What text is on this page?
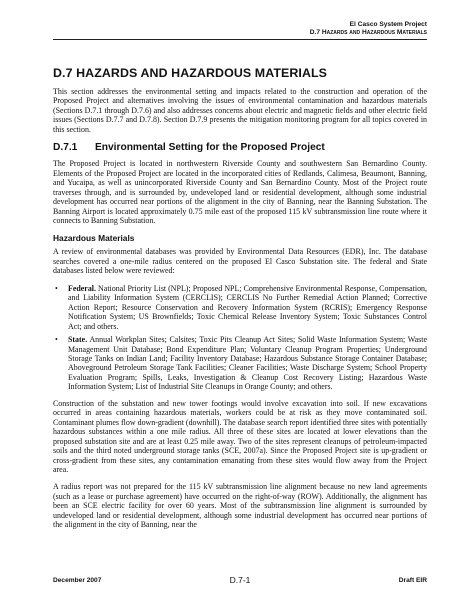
El Casco System Project
D.7 Hazards and Hazardous Materials
D.7 HAZARDS AND HAZARDOUS MATERIALS

This section addresses the environmental setting and impacts related to the construction and operation of the Proposed Project and alternatives involving the issues of environmental contamination and hazardous materials (Sections D.7.1 through D.7.6) and also addresses concerns about electric and magnetic fields and other electric field issues (Sections D.7.7 and D.7.8). Section D.7.9 presents the mitigation monitoring program for all topics covered in this section.

D.7.1	Environmental Setting for the Proposed Project

The Proposed Project is located in northwestern Riverside County and southwestern San Bernardino County. Elements of the Proposed Project are located in the incorporated cities of Redlands, Calimesa, Beaumont, Banning, and Yucaipa, as well as unincorporated Riverside County and San Bernardino County. Most of the Project route traverses through, and is surrounded by, undeveloped land or residential development, although some industrial development has occurred near portions of the alignment in the city of Banning, near the Banning Substation. The Banning Airport is located approximately 0.75 mile east of the proposed 115 kV subtransmission line route where it connects to Banning Substation.

Hazardous Materials

A review of environmental databases was provided by Environmental Data Resources (EDR), Inc. The database searches covered a one-mile radius centered on the proposed El Casco Substation site. The federal and State databases listed below were reviewed:

• Federal. National Priority List (NPL); Proposed NPL; Comprehensive Environmental Response, Compensation, and Liability Information System (CERCLIS); CERCLIS No Further Remedial Action Planned; Corrective Action Report; Resource Conservation and Recovery Information System (RCRIS); Emergency Response Notification System; US Brownfields; Toxic Chemical Release Inventory System; Toxic Substances Control Act; and others.
• State. Annual Workplan Sites; Calsites; Toxic Pits Cleanup Act Sites; Solid Waste Information System; Waste Management Unit Database; Bond Expenditure Plan; Voluntary Cleanup Program Properties; Underground Storage Tanks on Indian Land; Facility Inventory Database; Hazardous Substance Storage Container Database; Aboveground Petroleum Storage Tank Facilities; Cleaner Facilities; Waste Discharge System; School Property Evaluation Program; Spills, Leaks, Investigation & Cleanup Cost Recovery Listing; Hazardous Waste Information System; List of Industrial Site Cleanups in Orange County; and others.

Construction of the substation and new tower footings would involve excavation into soil. If new excavations occurred in areas containing hazardous materials, workers could be at risk as they move contaminated soil. Contaminant plumes flow down-gradient (downhill). The database search report identified three sites with potentially hazardous substances within a one mile radius. All three of these sites are located at lower elevations than the proposed substation site and are at least 0.25 mile away. Two of the sites represent cleanups of petroleum-impacted soils and the third noted underground storage tanks (SCE, 2007a). Since the Proposed Project site is up-gradient or cross-gradient from these sites, any contamination emanating from these sites would flow away from the Project area.

A radius report was not prepared for the 115 kV subtransmission line alignment because no new land agreements (such as a lease or purchase agreement) have occurred on the right-of-way (ROW). Additionally, the alignment has been an SCE electric facility for over 60 years. Most of the subtransmission line alignment is surrounded by undeveloped land or residential development, although some industrial development has occurred near portions of the alignment in the city of Banning, near the

December 2007	D.7-1	Draft EIR
